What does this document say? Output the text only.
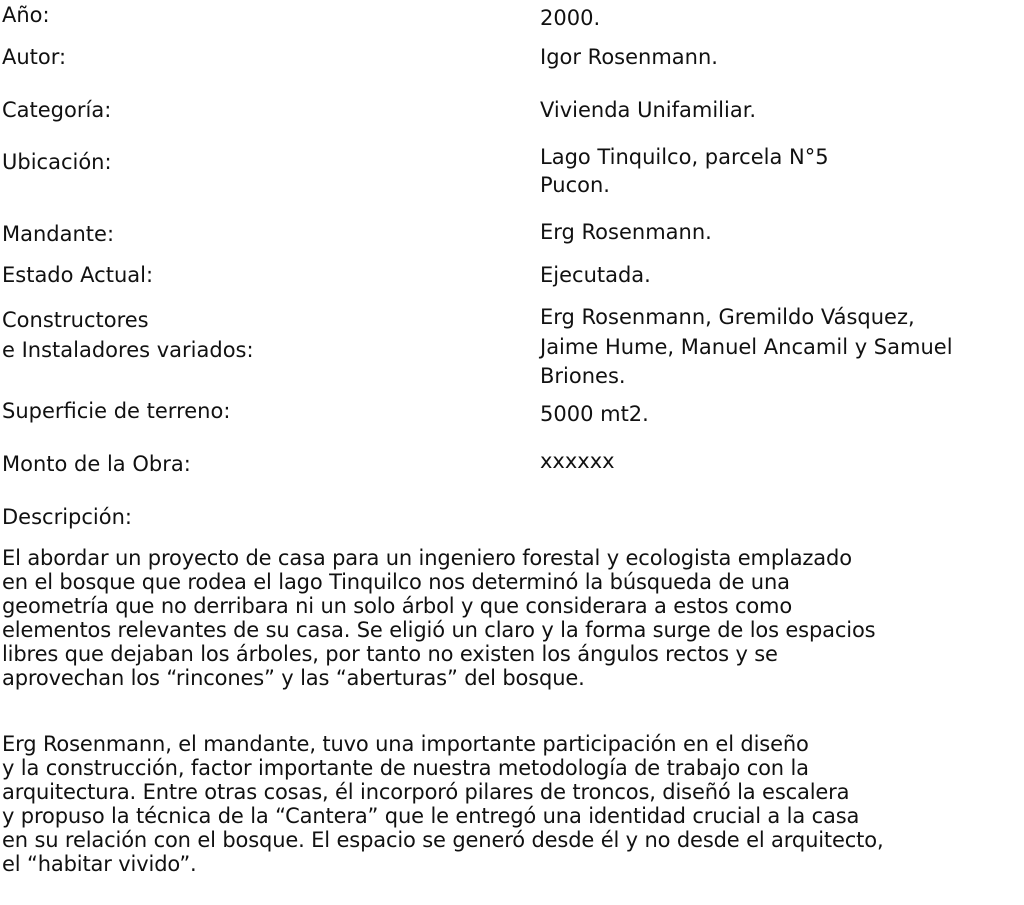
Año:	2000.
Autor:	Igor Rosenmann.
Categoría:	Vivienda Unifamiliar.
Ubicación:	Lago Tinquilco, parcela N°5
Pucon.
Mandante:	Erg Rosenmann.
Estado Actual:	Ejecutada.
Constructores
e Instaladores variados:
Erg Rosenmann, Gremildo Vásquez,
Jaime Hume, Manuel Ancamil y Samuel
Briones.
Superficie de terreno:	5000 mt2.
Monto de la Obra:	xxxxxx
Descripción:
El abordar un proyecto de casa para un ingeniero forestal y ecologista emplazado
en el bosque que rodea el lago Tinquilco nos determinó la búsqueda de una
geometría que no derribara ni un solo árbol y que considerara a estos como
elementos relevantes de su casa. Se eligió un claro y la forma surge de los espacios
libres que dejaban los árboles, por tanto no existen los ángulos rectos y se
aprovechan los “rincones” y las “aberturas” del bosque.
Erg Rosenmann, el mandante, tuvo una importante participación en el diseño
y la construcción, factor importante de nuestra metodología de trabajo con la
arquitectura. Entre otras cosas, él incorporó pilares de troncos, diseñó la escalera
y propuso la técnica de la “Cantera” que le entregó una identidad crucial a la casa
en su relación con el bosque. El espacio se generó desde él y no desde el arquitecto,
el “habitar vivido”.
